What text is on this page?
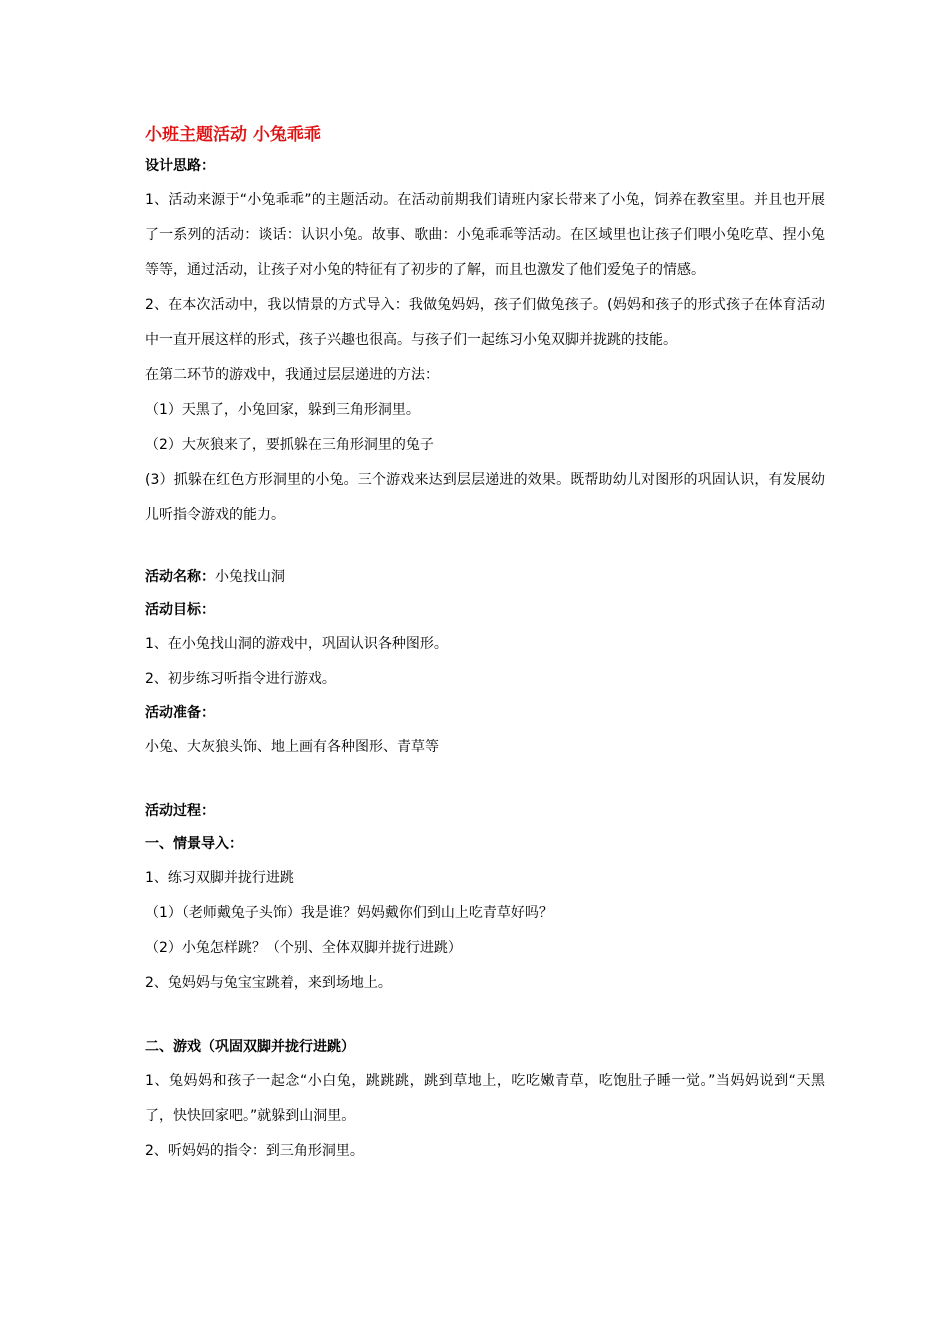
小班主题活动 小兔乖乖

设计思路：

1、活动来源于“小兔乖乖”的主题活动。在活动前期我们请班内家长带来了小兔，饲养在教室里。并且也开展了一系列的活动：谈话：认识小兔。故事、歌曲：小兔乖乖等活动。在区域里也让孩子们喂小兔吃草、捏小兔等等，通过活动，让孩子对小兔的特征有了初步的了解，而且也激发了他们爱兔子的情感。

2、在本次活动中，我以情景的方式导入：我做兔妈妈，孩子们做兔孩子。(妈妈和孩子的形式孩子在体育活动中一直开展这样的形式，孩子兴趣也很高。与孩子们一起练习小兔双脚并拢跳的技能。

在第二环节的游戏中，我通过层层递进的方法：

（1）天黑了，小兔回家，躲到三角形洞里。

（2）大灰狼来了，要抓躲在三角形洞里的兔子

(3）抓躲在红色方形洞里的小兔。三个游戏来达到层层递进的效果。既帮助幼儿对图形的巩固认识，有发展幼儿听指令游戏的能力。

活动名称：小兔找山洞

活动目标：

1、在小兔找山洞的游戏中，巩固认识各种图形。

2、初步练习听指令进行游戏。

活动准备：

小兔、大灰狼头饰、地上画有各种图形、青草等

活动过程：

一、情景导入：

1、练习双脚并拢行进跳

（1）（老师戴兔子头饰）我是谁？妈妈戴你们到山上吃青草好吗？

（2）小兔怎样跳？（个别、全体双脚并拢行进跳）

2、兔妈妈与兔宝宝跳着，来到场地上。

二、游戏（巩固双脚并拢行进跳）

1、兔妈妈和孩子一起念“小白兔，跳跳跳，跳到草地上，吃吃嫩青草，吃饱肚子睡一觉。”当妈妈说到“天黑了，快快回家吧。”就躲到山洞里。

2、听妈妈的指令：到三角形洞里。
